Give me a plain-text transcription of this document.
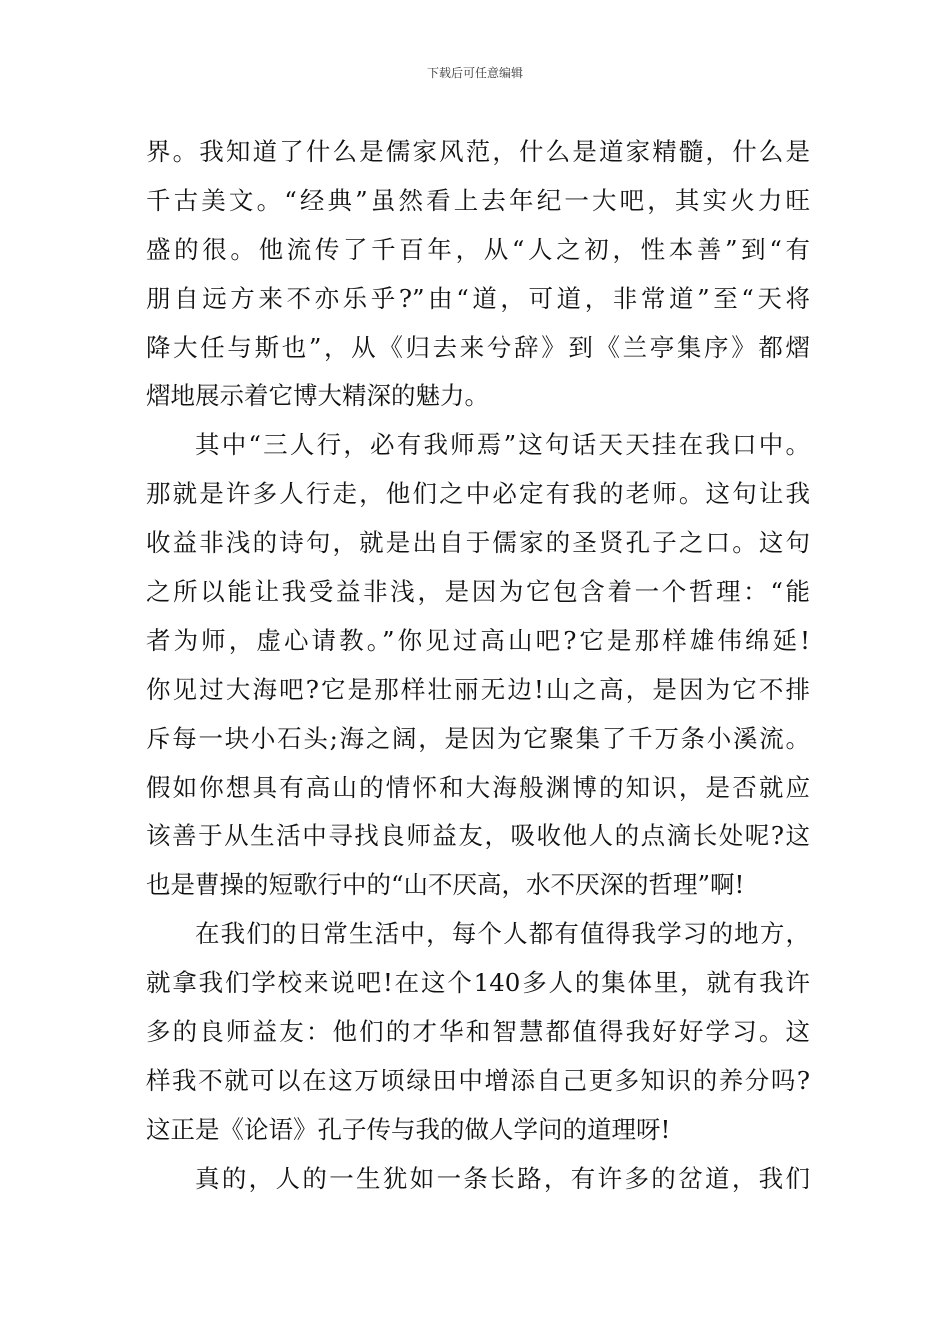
下载后可任意编辑
界。我知道了什么是儒家风范，什么是道家精髓，什么是
千古美文。“经典”虽然看上去年纪一大吧，其实火力旺
盛的很。他流传了千百年，从“人之初，性本善”到“有
朋自远方来不亦乐乎?”由“道，可道，非常道”至“天将
降大任与斯也”，从《归去来兮辞》到《兰亭集序》都熠
熠地展示着它博大精深的魅力。
其中“三人行，必有我师焉”这句话天天挂在我口中。
那就是许多人行走，他们之中必定有我的老师。这句让我
收益非浅的诗句，就是出自于儒家的圣贤孔子之口。这句
之所以能让我受益非浅，是因为它包含着一个哲理：“能
者为师，虚心请教。”你见过高山吧?它是那样雄伟绵延!
你见过大海吧?它是那样壮丽无边!山之高，是因为它不排
斥每一块小石头;海之阔，是因为它聚集了千万条小溪流。
假如你想具有高山的情怀和大海般渊博的知识，是否就应
该善于从生活中寻找良师益友，吸收他人的点滴长处呢?这
也是曹操的短歌行中的“山不厌高，水不厌深的哲理”啊!
在我们的日常生活中，每个人都有值得我学习的地方，
就拿我们学校来说吧!在这个140多人的集体里，就有我许
多的良师益友：他们的才华和智慧都值得我好好学习。这
样我不就可以在这万顷绿田中增添自己更多知识的养分吗?
这正是《论语》孔子传与我的做人学问的道理呀!
真的，人的一生犹如一条长路，有许多的岔道，我们
